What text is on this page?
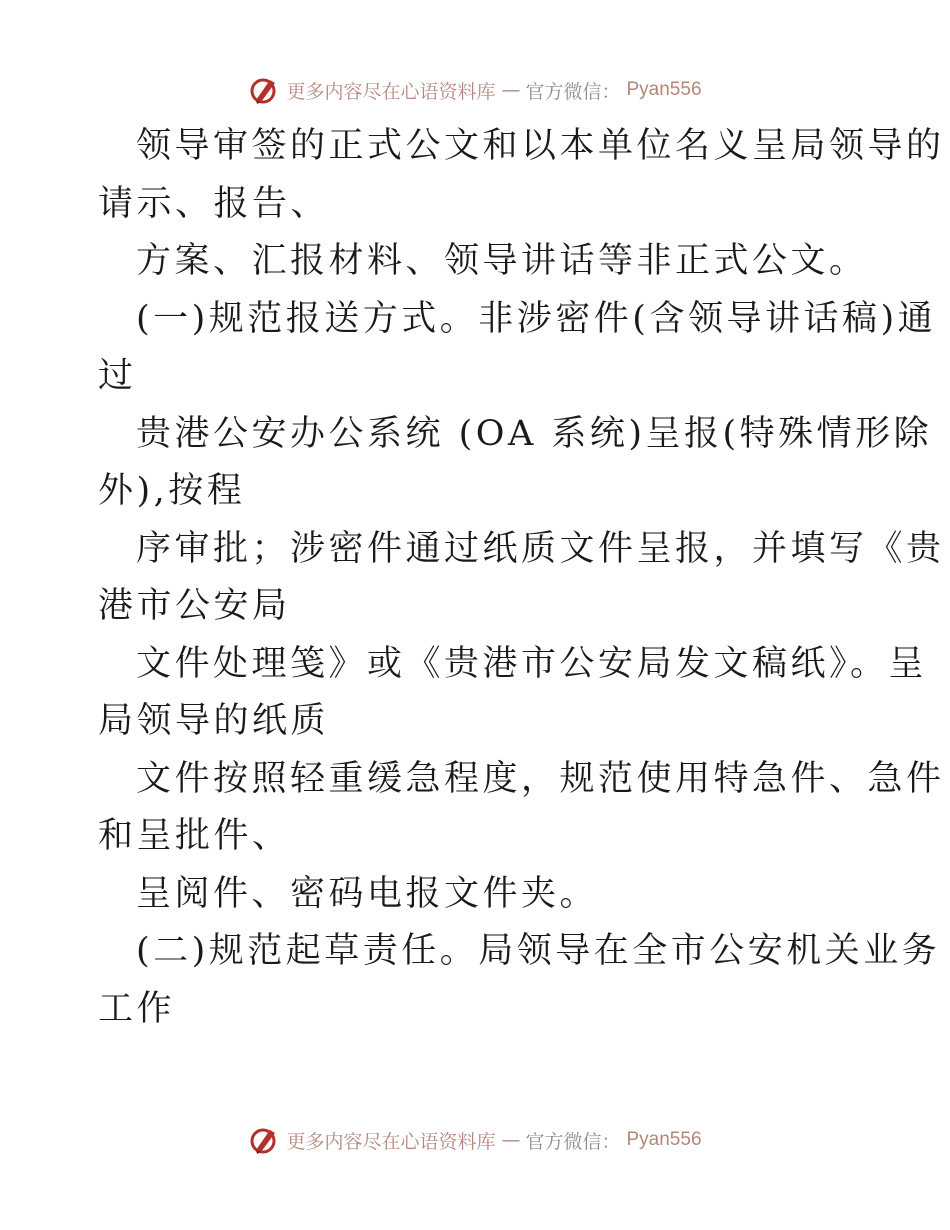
更多内容尽在心语资料库 — 官方微信： Pyan556
领导审签的正式公文和以本单位名义呈局领导的
请示、报告、
方案、汇报材料、领导讲话等非正式公文。
(一)规范报送方式。非涉密件(含领导讲话稿)通
过
贵港公安办公系统 (OA 系统)呈报(特殊情形除
外),按程
序审批；涉密件通过纸质文件呈报，并填写《贵
港市公安局
文件处理笺》或《贵港市公安局发文稿纸》。呈
局领导的纸质
文件按照轻重缓急程度，规范使用特急件、急件
和呈批件、
呈阅件、密码电报文件夹。
(二)规范起草责任。局领导在全市公安机关业务
工作
更多内容尽在心语资料库 — 官方微信： Pyan556
